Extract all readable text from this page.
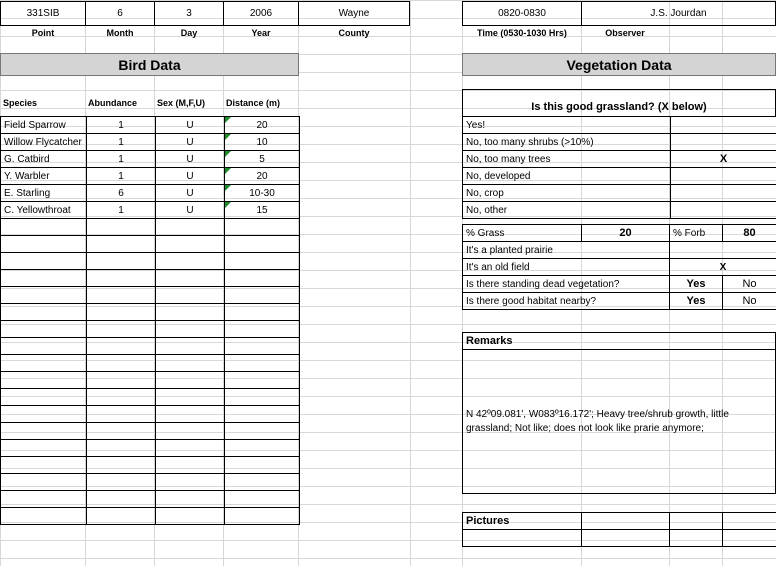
331SIB	6	3	2006	Wayne	0820-0830	J.S. Jourdan
Point	Month	Day	Year	County	Time (0530-1030 Hrs)	Observer
Bird Data	Vegetation Data
Species	Abundance	Sex (M,F,U)	Distance (m)
Field Sparrow	1	U	20
Willow Flycatcher	1	U	10
G. Catbird	1	U	5
Y. Warbler	1	U	20
E. Starling	6	U	10-30
C. Yellowthroat	1	U	15

Is this good grassland? (X below)
Yes!	
No, too many shrubs (>10%)	
No, too many trees	X
No, developed	
No, crop	
No, other	
% Grass	20	% Forb	80
It's a planted prairie			
It's an old field		X	
Is there standing dead vegetation?		Yes	No
Is there good habitat nearby?		Yes	No
Remarks
N 42º09.081', W083º16.172'; Heavy tree/shrub growth, little grassland; Not like; does not look like prarie anymore;
Pictures			
